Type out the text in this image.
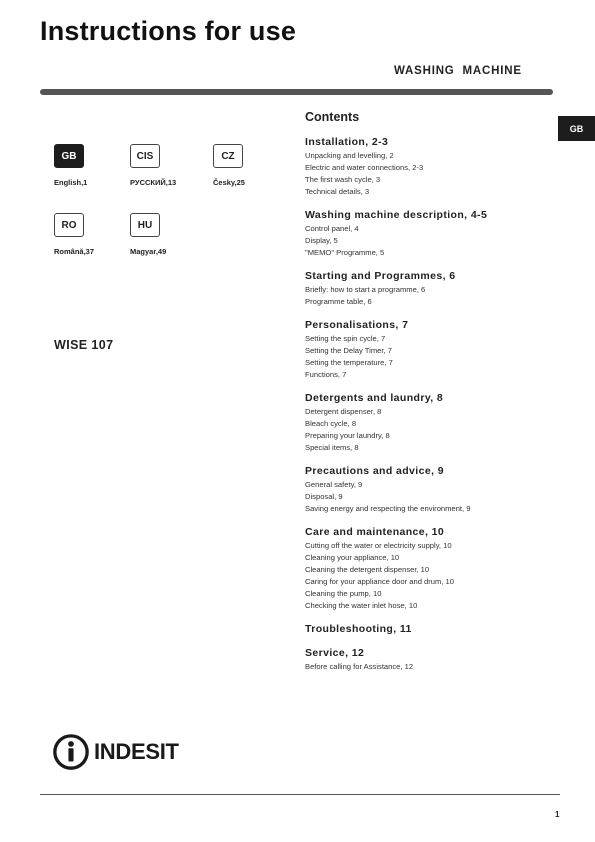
Instructions for use
WASHING  MACHINE
GB
GB
English,1
CIS
РУССКИЙ,13
CZ
Česky,25
RO
Română,37
HU
Magyar,49
WISE 107
Contents
Installation, 2-3
Unpacking and levelling, 2
Electric and water connections, 2-3
The first wash cycle, 3
Technical details, 3
Washing machine description, 4-5
Control panel, 4
Display, 5
"MEMO" Programme, 5
Starting and Programmes, 6
Briefly: how to start a programme, 6
Programme table, 6
Personalisations, 7
Setting the spin cycle, 7
Setting the Delay Timer, 7
Setting the temperature, 7
Functions, 7
Detergents and laundry, 8
Detergent dispenser, 8
Bleach cycle, 8
Preparing your laundry, 8
Special items, 8
Precautions and advice, 9
General safety, 9
Disposal, 9
Saving energy and respecting the environment, 9
Care and maintenance, 10
Cutting off the water or electricity supply, 10
Cleaning your appliance, 10
Cleaning the detergent dispenser, 10
Caring for your appliance door and drum, 10
Cleaning the pump, 10
Checking the water inlet hose, 10
Troubleshooting, 11
Service, 12
Before calling for Assistance, 12
INDESIT
1
